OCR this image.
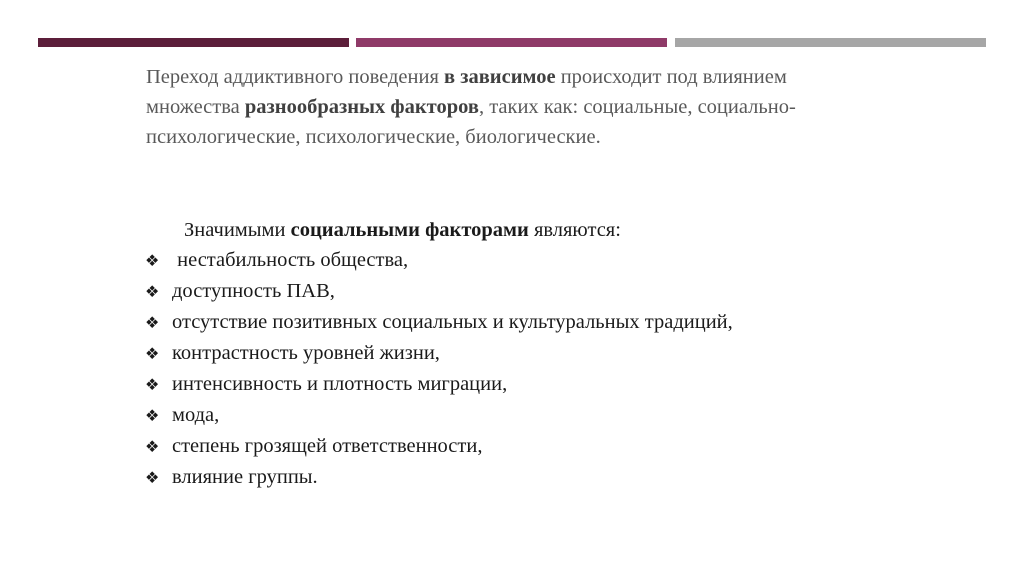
Переход аддиктивного поведения в зависимое происходит под влиянием множества разнообразных факторов, таких как: социальные, социально-психологические, психологические, биологические.
Значимыми социальными факторами являются:
❖ нестабильность общества,
❖ доступность ПАВ,
❖ отсутствие позитивных социальных и культуральных традиций,
❖ контрастность уровней жизни,
❖ интенсивность и плотность миграции,
❖ мода,
❖ степень грозящей ответственности,
❖ влияние группы.
